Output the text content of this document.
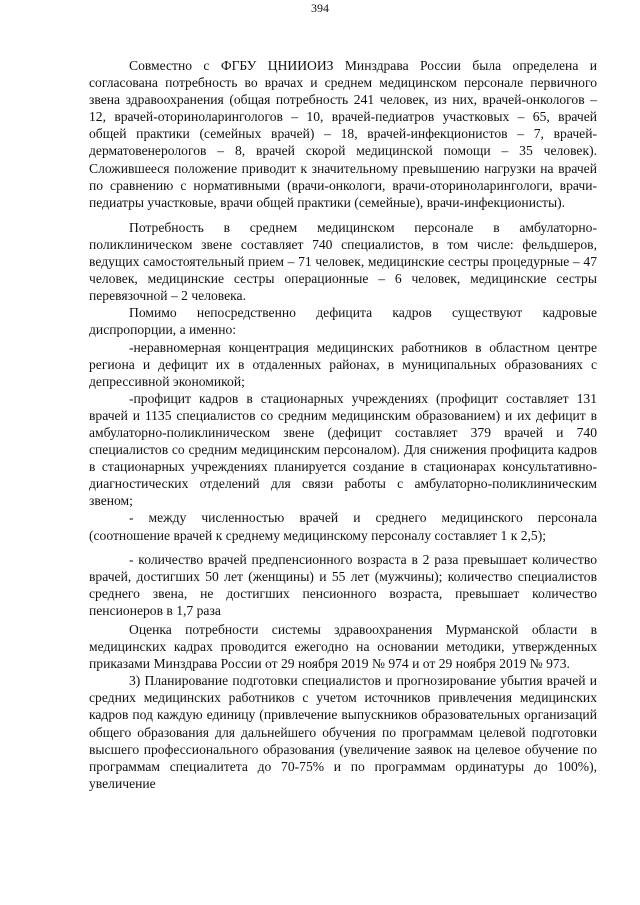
394

Совместно с ФГБУ ЦНИИОИЗ Минздрава России была определена и согласована потребность во врачах и среднем медицинском персонале первичного звена здравоохранения (общая потребность 241 человек, из них, врачей-онкологов – 12, врачей-оториноларингологов – 10, врачей-педиатров участковых – 65, врачей общей практики (семейных врачей) – 18, врачей-инфекционистов – 7, врачей-дерматовенерологов – 8, врачей скорой медицинской помощи – 35 человек). Сложившееся положение приводит к значительному превышению нагрузки на врачей по сравнению с нормативными (врачи-онкологи, врачи-оториноларингологи, врачи-педиатры участковые, врачи общей практики (семейные), врачи-инфекционисты).

Потребность в среднем медицинском персонале в амбулаторно-поликлиническом звене составляет 740 специалистов, в том числе: фельдшеров, ведущих самостоятельный прием – 71 человек, медицинские сестры процедурные – 47 человек, медицинские сестры операционные – 6 человек, медицинские сестры перевязочной – 2 человека.

Помимо непосредственно дефицита кадров существуют кадровые диспропорции, а именно:

-неравномерная концентрация медицинских работников в областном центре региона и дефицит их в отдаленных районах, в муниципальных образованиях с депрессивной экономикой;

-профицит кадров в стационарных учреждениях (профицит составляет 131 врачей и 1135 специалистов со средним медицинским образованием) и их дефицит в амбулаторно-поликлиническом звене (дефицит составляет 379 врачей и 740 специалистов со средним медицинским персоналом). Для снижения профицита кадров в стационарных учреждениях планируется создание в стационарах консультативно-диагностических отделений для связи работы с амбулаторно-поликлиническим звеном;

- между численностью врачей и среднего медицинского персонала (соотношение врачей к среднему медицинскому персоналу составляет 1 к 2,5);

- количество врачей предпенсионного возраста в 2 раза превышает количество врачей, достигших 50 лет (женщины) и 55 лет (мужчины); количество специалистов среднего звена, не достигших пенсионного возраста, превышает количество пенсионеров в 1,7 раза

Оценка потребности системы здравоохранения Мурманской области в медицинских кадрах проводится ежегодно на основании методики, утвержденных приказами Минздрава России от 29 ноября 2019 № 974 и от 29 ноября 2019 № 973.

3) Планирование подготовки специалистов и прогнозирование убытия врачей и средних медицинских работников с учетом источников привлечения медицинских кадров под каждую единицу (привлечение выпускников образовательных организаций общего образования для дальнейшего обучения по программам целевой подготовки высшего профессионального образования (увеличение заявок на целевое обучение по программам специалитета до 70-75% и по программам ординатуры до 100%), увеличение
